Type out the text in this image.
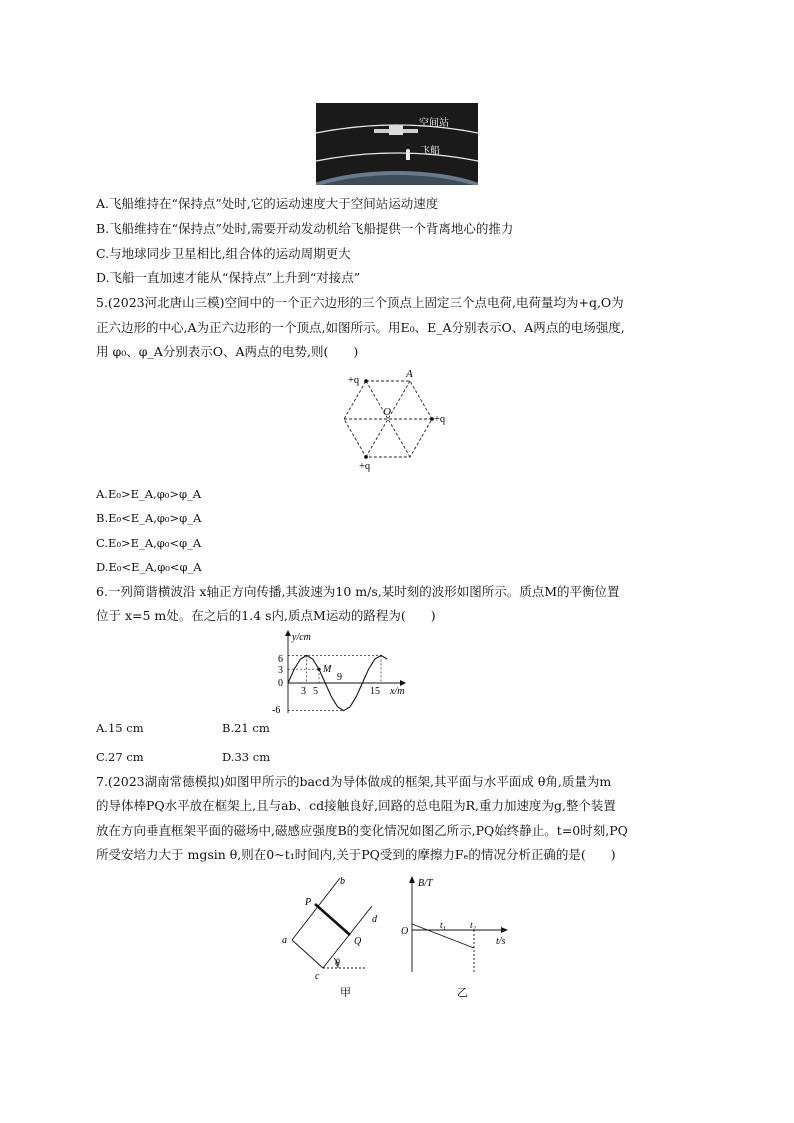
空间站
飞船
A.飞船维持在“保持点”处时,它的运动速度大于空间站运动速度
B.飞船维持在“保持点”处时,需要开动发动机给飞船提供一个背离地心的推力
C.与地球同步卫星相比,组合体的运动周期更大
D.飞船一直加速才能从“保持点”上升到“对接点”
5.(2023河北唐山三模)空间中的一个正六边形的三个顶点上固定三个点电荷,电荷量均为+q,O为
正六边形的中心,A为正六边形的一个顶点,如图所示。用E₀、E_A分别表示O、A两点的电场强度,
用 φ₀、φ_A分别表示O、A两点的电势,则(　　)
+q
A
O
+q
+q
A.E₀>E_A,φ₀>φ_A
B.E₀<E_A,φ₀>φ_A
C.E₀>E_A,φ₀<φ_A
D.E₀<E_A,φ₀<φ_A
6.一列简谐横波沿 x轴正方向传播,其波速为10 m/s,某时刻的波形如图所示。质点M的平衡位置
位于 x=5 m处。在之后的1.4 s内,质点M运动的路程为(　　)
y/cm
x/m
M
6
3
0
-6
3 5
9
15
A.15 cm	B.21 cm
C.27 cm	D.33 cm
7.(2023湖南常德模拟)如图甲所示的bacd为导体做成的框架,其平面与水平面成 θ角,质量为m
的导体棒PQ水平放在框架上,且与ab、cd接触良好,回路的总电阻为R,重力加速度为g,整个装置
放在方向垂直框架平面的磁场中,磁感应强度B的变化情况如图乙所示,PQ始终静止。t=0时刻,PQ
所受安培力大于 mgsin θ,则在0~t₁时间内,关于PQ受到的摩擦力Fₑ的情况分析正确的是(　　)
P
b
d
a	Q
c
θ
甲
B/T
O	t₁	t₂
t/s
乙
